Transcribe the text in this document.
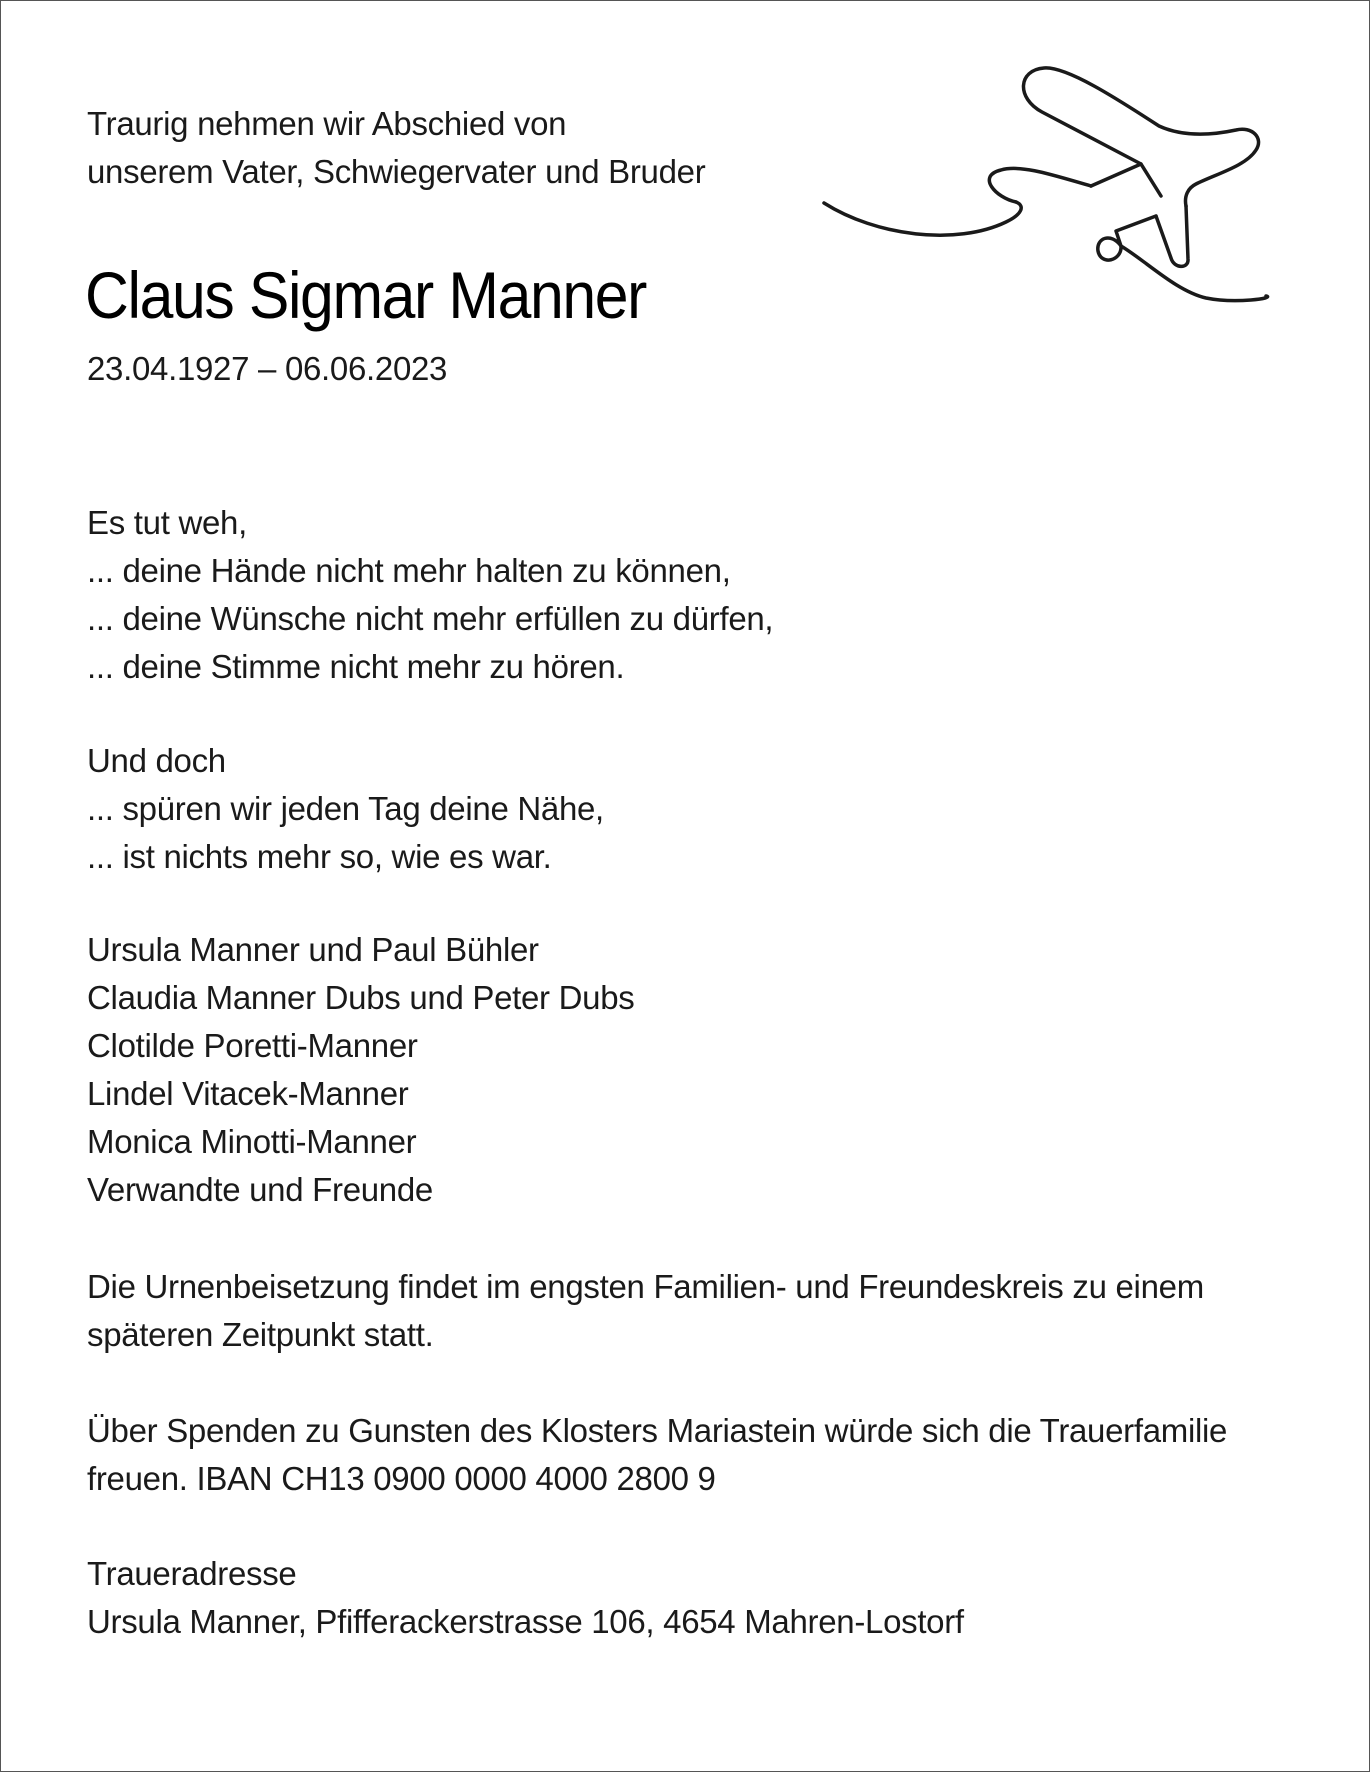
Traurig nehmen wir Abschied von
unserem Vater, Schwiegervater und Bruder
Claus Sigmar Manner
23.04.1927 – 06.06.2023
Es tut weh,
... deine Hände nicht mehr halten zu können,
... deine Wünsche nicht mehr erfüllen zu dürfen,
... deine Stimme nicht mehr zu hören.
Und doch
... spüren wir jeden Tag deine Nähe,
... ist nichts mehr so, wie es war.
Ursula Manner und Paul Bühler
Claudia Manner Dubs und Peter Dubs
Clotilde Poretti-Manner
Lindel Vitacek-Manner
Monica Minotti-Manner
Verwandte und Freunde
Die Urnenbeisetzung findet im engsten Familien- und Freundeskreis zu einem
späteren Zeitpunkt statt.
Über Spenden zu Gunsten des Klosters Mariastein würde sich die Trauerfamilie
freuen. IBAN CH13 0900 0000 4000 2800 9
Traueradresse
Ursula Manner, Pfifferackerstrasse 106, 4654 Mahren-Lostorf
